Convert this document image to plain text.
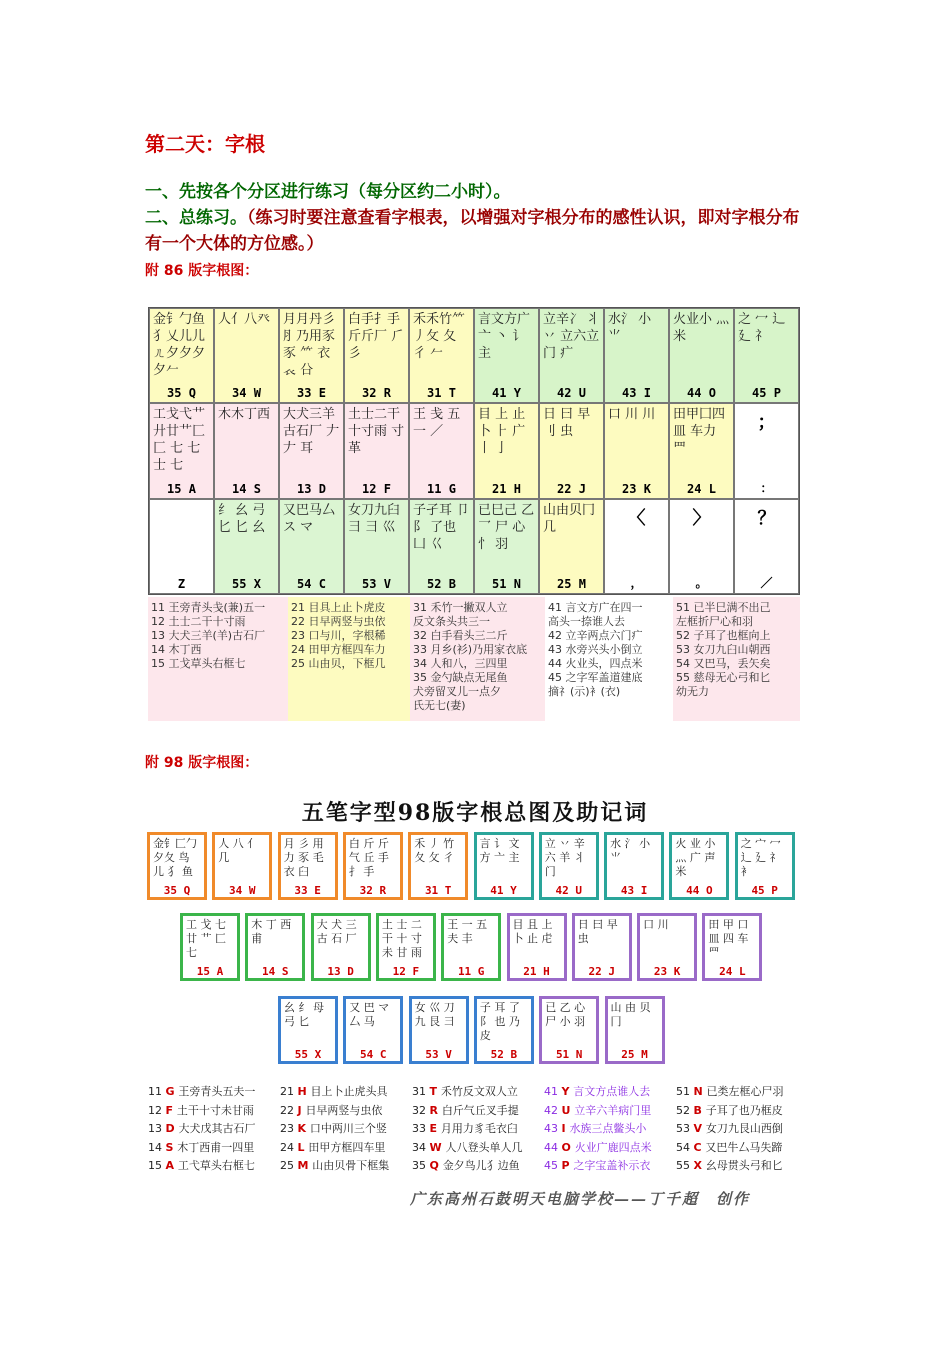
第二天：字根
一、先按各个分区进行练习（每分区约二小时）。
二、总练习。（练习时要注意查看字根表，以增强对字根分布的感性认识，即对字根分布有一个大体的方位感。）
附 86 版字根图：
金钅勹鱼 犭乂儿儿 ㄦ夕夕夕 夕𠂉
35 Q
人亻八癶
34 W
月月丹彡 ⺼乃用豕 豕 ⺮ 衣 𧘇 㕣
33 E
白手扌手 斤斤厂 ⺁ 彡
32 R
禾禾竹⺮ 丿攵 夂 彳 𠂉
31 T
言文方广 亠 丶 讠 主
41 Y
立辛冫 丬 丷 立六立门 疒
42 U
水氵 小 ⺌
43 I
火业小 灬 米
44 O
之 冖 辶 廴 礻
45 P
工戈弋艹 廾廿艹匚 匚 七 七 士 七
15 A
木木丁西
14 S
大犬三羊 古石厂 𠂇 𠂇 耳
13 D
土士二干 十寸雨 寸 革
12 F
王 戋 五 一 ／
11 G
目 上 止 卜 ⺊ 广 丨 亅
21 H
日 曰 早 刂 虫
22 J
口 川 川
23 K
田甲囗四 皿 车力 罒
24 L
；
：
Z
纟 幺 弓 匕 匕 幺
55 X
又巴马厶 ス マ
54 C
女刀九臼 彐 ⺕ 巛
53 V
子孑耳 卩 阝 了也 凵 巜
52 B
已巳己 乙 乛 尸 心 忄 羽
51 N
山由贝冂 几
25 M
〈
，
〉
。
？
／
11 王旁青头戋(兼)五一
12 土士二干十寸雨
13 大犬三羊(羊)古石厂
14 木丁西
15 工戈草头右框七
21 目具上止卜虎皮
22 日早两竖与虫依
23 口与川，字根稀
24 田甲方框四车力
25 山由贝，下框几
31 禾竹一撇双人立
反文条头共三一
32 白手看头三二斤
33 月乡(衫)乃用家衣底
34 人和八，三四里
35 金勺缺点无尾鱼
犬旁留叉儿一点夕
氏无七(妻)
41 言文方广在四一
高头一捺谁人去
42 立辛两点六门疒
43 水旁兴头小倒立
44 火业头，四点米
45 之字军盖道建底
摘礻(示)衤(衣)
51 已半巳满不出己
左框折尸心和羽
52 子耳了也框向上
53 女刀九臼山朝西
54 又巴马，丢矢矣
55 慈母无心弓和匕
幼无力
附 98 版字根图：
五笔字型98版字根总图及助记词
金钅匚勹 夕夂 鸟 儿 犭 鱼
35 Q
人 八 亻 几
34 W
月 彡 用 力 豕 毛 衣 臼
33 E
白 斤 斤 气 丘 手 扌 手
32 R
禾 丿 竹 夂 攵 彳
31 T
言 讠 文 方 亠 主
41 Y
立 丷 辛 六 羊 丬 门
42 U
水 氵 小 ⺌
43 I
火 业 小 灬 广 声 米
44 O
之 宀 冖 辶 廴 礻 衤
45 P
工 戈 七 廿 艹 匚 七
15 A
木 丁 西 甫
14 S
大 犬 三 古 石 厂
13 D
土 士 二 干 十 寸 未 甘 雨
12 F
王 一 五 夫 丰
11 G
目 且 上 卜 止 虍
21 H
日 曰 早 虫
22 J
口 川
23 K
田 甲 口 皿 四 车 罒
24 L
幺 纟 母 弓 匕
55 X
又 巴 マ 厶 马
54 C
女 巛 刀 九 艮 彐
53 V
子 耳 了 阝 也 乃 皮
52 B
已 乙 心 尸 小 羽
51 N
山 由 贝 冂
25 M
11 G 王旁青头五夫一
12 F 土干十寸未甘雨
13 D 大犬戊其古石厂
14 S 木丁西甫一四里
15 A 工弋草头右框七
21 H 目上卜止虎头具
22 J 日早两竖与虫依
23 K 口中两川三个竖
24 L 田甲方框四车里
25 M 山由贝骨下框集
31 T 禾竹反文双人立
32 R 白斤气丘叉手提
33 E 月用力豸毛衣臼
34 W 人八登头单人几
35 Q 金夕鸟儿犭边鱼
41 Y 言文方点谁人去
42 U 立辛六羊病门里
43 I 水族三点鳖头小
44 O 火业广鹿四点米
45 P 之字宝盖补示衣
51 N 已类左框心尸羽
52 B 子耳了也乃框皮
53 V 女刀九艮山西倒
54 C 又巴牛厶马失蹄
55 X 幺母贯头弓和匕
广东高州石鼓明天电脑学校——丁千超　创作
